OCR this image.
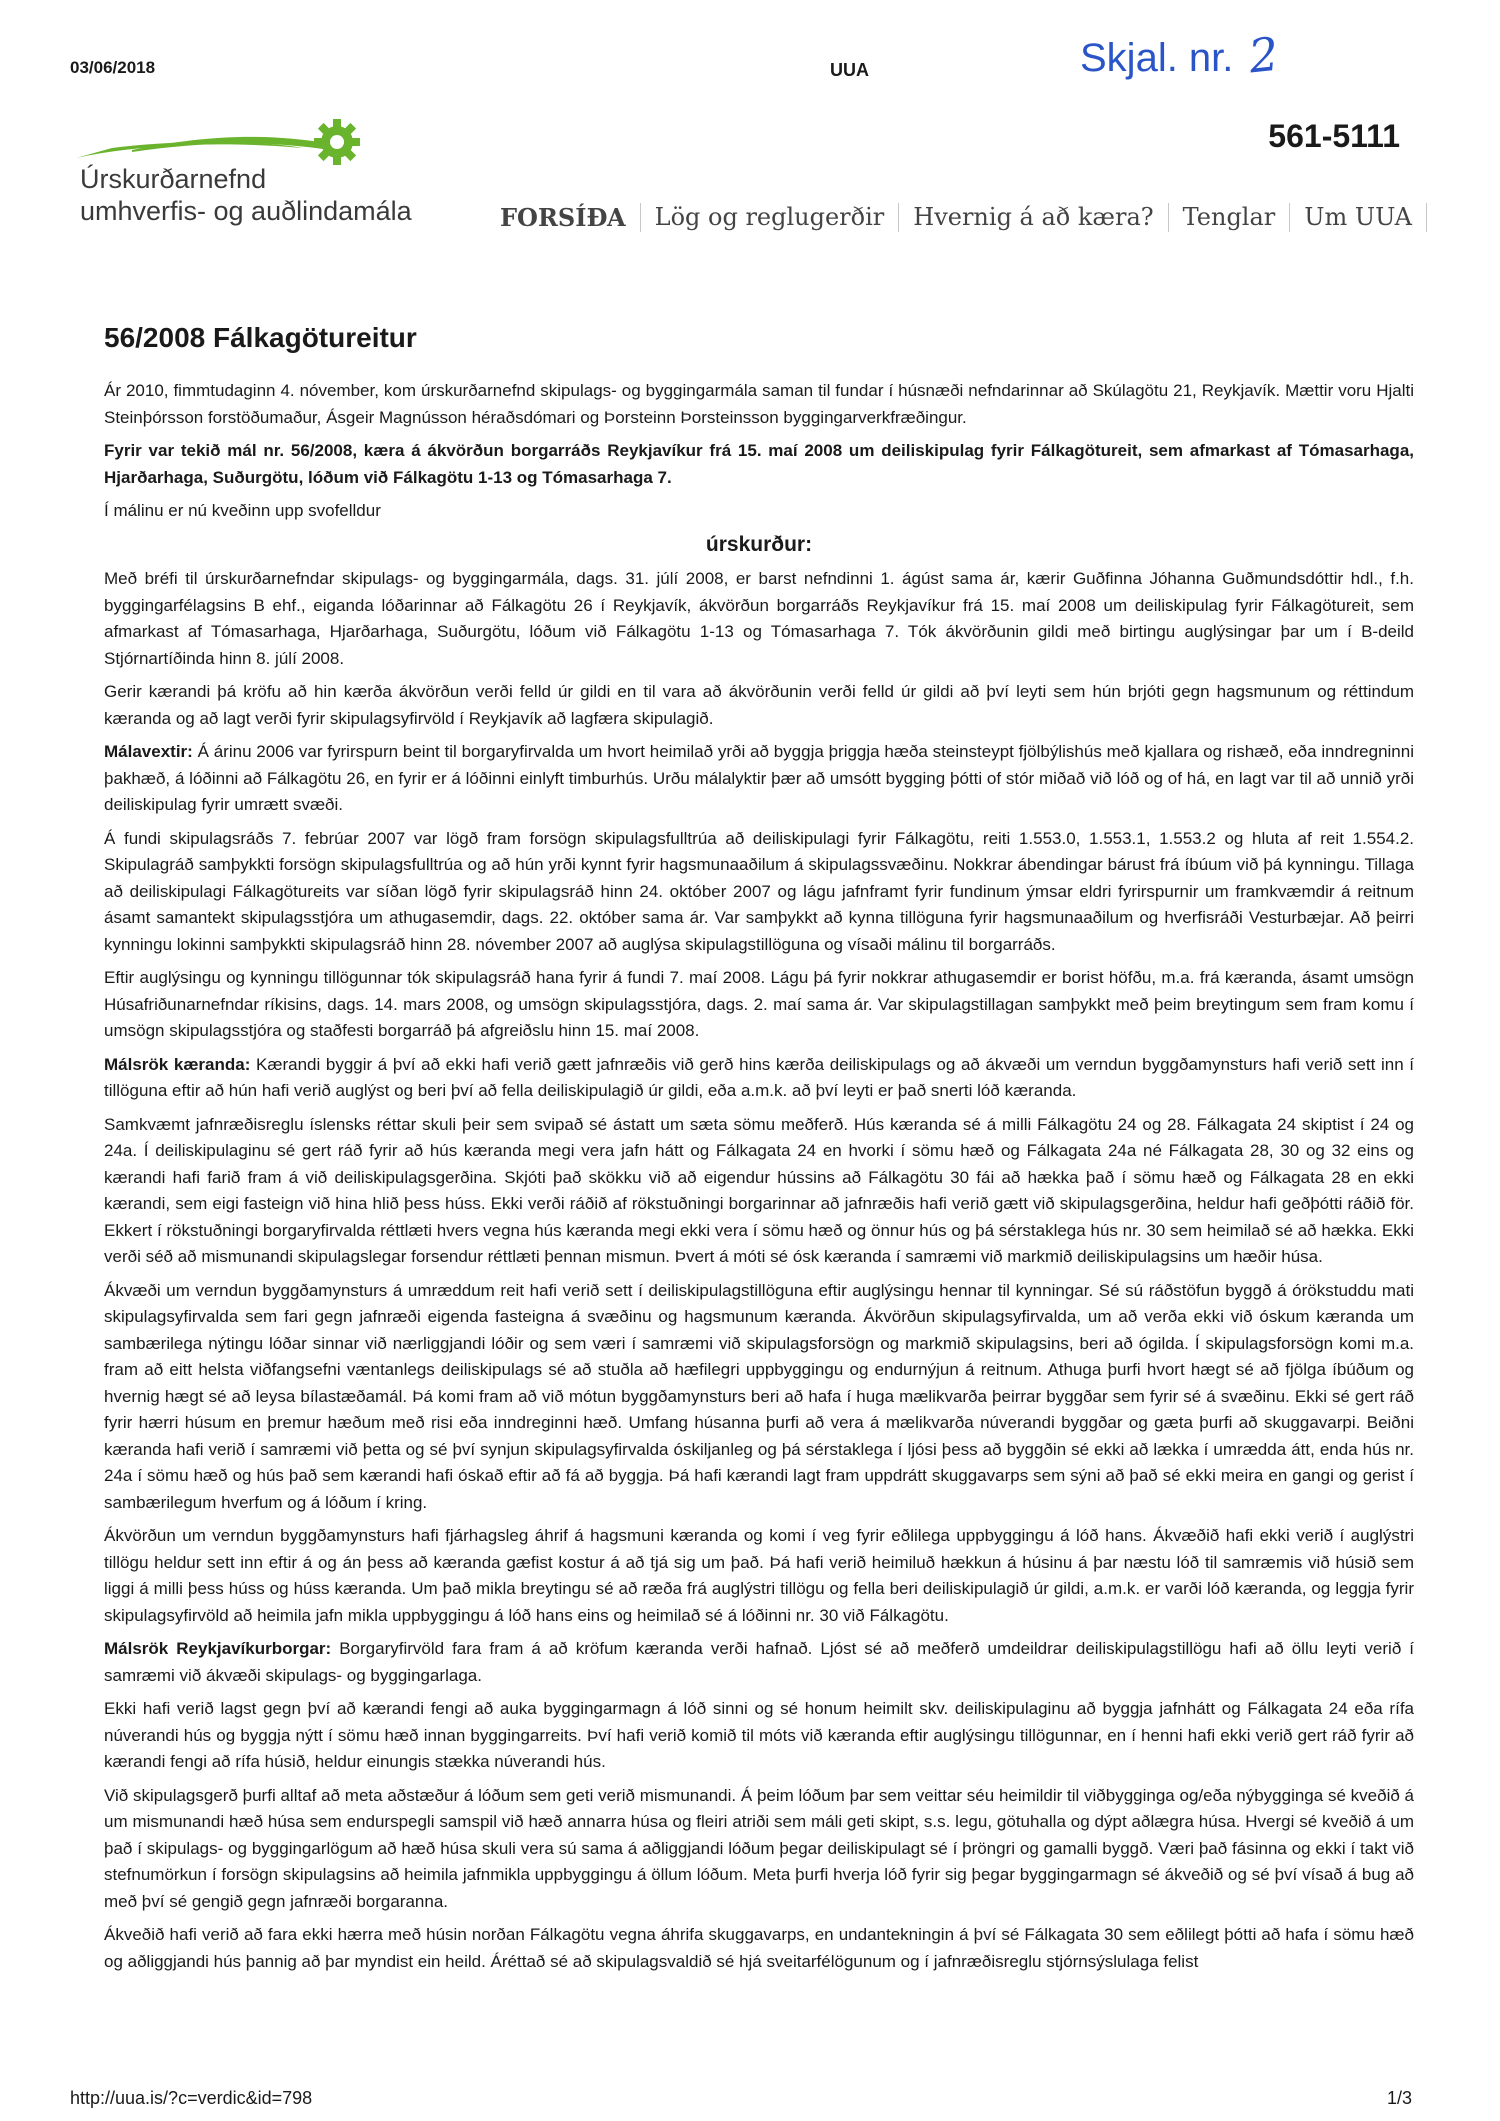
03/06/2018	UUA	Skjal. nr. 2
561-5111
Úrskurðarnefnd
umhverfis- og auðlindamála	FORSÍÐA	Lög og reglugerðir	Hvernig á að kæra?	Tenglar	Um UUA
56/2008 Fálkagötureitur

Ár 2010, fimmtudaginn 4. nóvember, kom úrskurðarnefnd skipulags- og byggingarmála saman til fundar í húsnæði nefndarinnar að Skúlagötu 21, Reykjavík. Mættir voru Hjalti Steinþórsson forstöðumaður, Ásgeir Magnússon héraðsdómari og Þorsteinn Þorsteinsson byggingarverkfræðingur.

Fyrir var tekið mál nr. 56/2008, kæra á ákvörðun borgarráðs Reykjavíkur frá 15. maí 2008 um deiliskipulag fyrir Fálkagötureit, sem afmarkast af Tómasarhaga, Hjarðarhaga, Suðurgötu, lóðum við Fálkagötu 1-13 og Tómasarhaga 7.

Í málinu er nú kveðinn upp svofelldur

úrskurður:

Með bréfi til úrskurðarnefndar skipulags- og byggingarmála, dags. 31. júlí 2008, er barst nefndinni 1. ágúst sama ár, kærir Guðfinna Jóhanna Guðmundsdóttir hdl., f.h. byggingarfélagsins B ehf., eiganda lóðarinnar að Fálkagötu 26 í Reykjavík, ákvörðun borgarráðs Reykjavíkur frá 15. maí 2008 um deiliskipulag fyrir Fálkagötureit, sem afmarkast af Tómasarhaga, Hjarðarhaga, Suðurgötu, lóðum við Fálkagötu 1-13 og Tómasarhaga 7. Tók ákvörðunin gildi með birtingu auglýsingar þar um í B-deild Stjórnartíðinda hinn 8. júlí 2008.

Gerir kærandi þá kröfu að hin kærða ákvörðun verði felld úr gildi en til vara að ákvörðunin verði felld úr gildi að því leyti sem hún brjóti gegn hagsmunum og réttindum kæranda og að lagt verði fyrir skipulagsyfirvöld í Reykjavík að lagfæra skipulagið.

Málavextir: Á árinu 2006 var fyrirspurn beint til borgaryfirvalda um hvort heimilað yrði að byggja þriggja hæða steinsteypt fjölbýlishús með kjallara og rishæð, eða inndregninni þakhæð, á lóðinni að Fálkagötu 26, en fyrir er á lóðinni einlyft timburhús. Urðu málalyktir þær að umsótt bygging þótti of stór miðað við lóð og of há, en lagt var til að unnið yrði deiliskipulag fyrir umrætt svæði.

Á fundi skipulagsráðs 7. febrúar 2007 var lögð fram forsögn skipulagsfulltrúa að deiliskipulagi fyrir Fálkagötu, reiti 1.553.0, 1.553.1, 1.553.2 og hluta af reit 1.554.2. Skipulagráð samþykkti forsögn skipulagsfulltrúa og að hún yrði kynnt fyrir hagsmunaaðilum á skipulagssvæðinu. Nokkrar ábendingar bárust frá íbúum við þá kynningu. Tillaga að deiliskipulagi Fálkagötureits var síðan lögð fyrir skipulagsráð hinn 24. október 2007 og lágu jafnframt fyrir fundinum ýmsar eldri fyrirspurnir um framkvæmdir á reitnum ásamt samantekt skipulagsstjóra um athugasemdir, dags. 22. október sama ár. Var samþykkt að kynna tillöguna fyrir hagsmunaaðilum og hverfisráði Vesturbæjar. Að þeirri kynningu lokinni samþykkti skipulagsráð hinn 28. nóvember 2007 að auglýsa skipulagstillöguna og vísaði málinu til borgarráðs.

Eftir auglýsingu og kynningu tillögunnar tók skipulagsráð hana fyrir á fundi 7. maí 2008. Lágu þá fyrir nokkrar athugasemdir er borist höfðu, m.a. frá kæranda, ásamt umsögn Húsafriðunarnefndar ríkisins, dags. 14. mars 2008, og umsögn skipulagsstjóra, dags. 2. maí sama ár. Var skipulagstillagan samþykkt með þeim breytingum sem fram komu í umsögn skipulagsstjóra og staðfesti borgarráð þá afgreiðslu hinn 15. maí 2008.

Málsrök kæranda: Kærandi byggir á því að ekki hafi verið gætt jafnræðis við gerð hins kærða deiliskipulags og að ákvæði um verndun byggðamynsturs hafi verið sett inn í tillöguna eftir að hún hafi verið auglýst og beri því að fella deiliskipulagið úr gildi, eða a.m.k. að því leyti er það snerti lóð kæranda.

Samkvæmt jafnræðisreglu íslensks réttar skuli þeir sem svipað sé ástatt um sæta sömu meðferð. Hús kæranda sé á milli Fálkagötu 24 og 28. Fálkagata 24 skiptist í 24 og 24a. Í deiliskipulaginu sé gert ráð fyrir að hús kæranda megi vera jafn hátt og Fálkagata 24 en hvorki í sömu hæð og Fálkagata 24a né Fálkagata 28, 30 og 32 eins og kærandi hafi farið fram á við deiliskipulagsgerðina. Skjóti það skökku við að eigendur hússins að Fálkagötu 30 fái að hækka það í sömu hæð og Fálkagata 28 en ekki kærandi, sem eigi fasteign við hina hlið þess húss. Ekki verði ráðið af rökstuðningi borgarinnar að jafnræðis hafi verið gætt við skipulagsgerðina, heldur hafi geðþótti ráðið för. Ekkert í rökstuðningi borgaryfirvalda réttlæti hvers vegna hús kæranda megi ekki vera í sömu hæð og önnur hús og þá sérstaklega hús nr. 30 sem heimilað sé að hækka. Ekki verði séð að mismunandi skipulagslegar forsendur réttlæti þennan mismun. Þvert á móti sé ósk kæranda í samræmi við markmið deiliskipulagsins um hæðir húsa.

Ákvæði um verndun byggðamynsturs á umræddum reit hafi verið sett í deiliskipulagstillöguna eftir auglýsingu hennar til kynningar. Sé sú ráðstöfun byggð á órökstuddu mati skipulagsyfirvalda sem fari gegn jafnræði eigenda fasteigna á svæðinu og hagsmunum kæranda. Ákvörðun skipulagsyfirvalda, um að verða ekki við óskum kæranda um sambærilega nýtingu lóðar sinnar við nærliggjandi lóðir og sem væri í samræmi við skipulagsforsögn og markmið skipulagsins, beri að ógilda. Í skipulagsforsögn komi m.a. fram að eitt helsta viðfangsefni væntanlegs deiliskipulags sé að stuðla að hæfilegri uppbyggingu og endurnýjun á reitnum. Athuga þurfi hvort hægt sé að fjölga íbúðum og hvernig hægt sé að leysa bílastæðamál. Þá komi fram að við mótun byggðamynsturs beri að hafa í huga mælikvarða þeirrar byggðar sem fyrir sé á svæðinu. Ekki sé gert ráð fyrir hærri húsum en þremur hæðum með risi eða inndreginni hæð. Umfang húsanna þurfi að vera á mælikvarða núverandi byggðar og gæta þurfi að skuggavarpi. Beiðni kæranda hafi verið í samræmi við þetta og sé því synjun skipulagsyfirvalda óskiljanleg og þá sérstaklega í ljósi þess að byggðin sé ekki að lækka í umrædda átt, enda hús nr. 24a í sömu hæð og hús það sem kærandi hafi óskað eftir að fá að byggja. Þá hafi kærandi lagt fram uppdrátt skuggavarps sem sýni að það sé ekki meira en gangi og gerist í sambærilegum hverfum og á lóðum í kring.

Ákvörðun um verndun byggðamynsturs hafi fjárhagsleg áhrif á hagsmuni kæranda og komi í veg fyrir eðlilega uppbyggingu á lóð hans. Ákvæðið hafi ekki verið í auglýstri tillögu heldur sett inn eftir á og án þess að kæranda gæfist kostur á að tjá sig um það. Þá hafi verið heimiluð hækkun á húsinu á þar næstu lóð til samræmis við húsið sem liggi á milli þess húss og húss kæranda. Um það mikla breytingu sé að ræða frá auglýstri tillögu og fella beri deiliskipulagið úr gildi, a.m.k. er varði lóð kæranda, og leggja fyrir skipulagsyfirvöld að heimila jafn mikla uppbyggingu á lóð hans eins og heimilað sé á lóðinni nr. 30 við Fálkagötu.

Málsrök Reykjavíkurborgar: Borgaryfirvöld fara fram á að kröfum kæranda verði hafnað. Ljóst sé að meðferð umdeildrar deiliskipulagstillögu hafi að öllu leyti verið í samræmi við ákvæði skipulags- og byggingarlaga.

Ekki hafi verið lagst gegn því að kærandi fengi að auka byggingarmagn á lóð sinni og sé honum heimilt skv. deiliskipulaginu að byggja jafnhátt og Fálkagata 24 eða rífa núverandi hús og byggja nýtt í sömu hæð innan byggingarreits. Því hafi verið komið til móts við kæranda eftir auglýsingu tillögunnar, en í henni hafi ekki verið gert ráð fyrir að kærandi fengi að rífa húsið, heldur einungis stækka núverandi hús.

Við skipulagsgerð þurfi alltaf að meta aðstæður á lóðum sem geti verið mismunandi. Á þeim lóðum þar sem veittar séu heimildir til viðbygginga og/eða nýbygginga sé kveðið á um mismunandi hæð húsa sem endurspegli samspil við hæð annarra húsa og fleiri atriði sem máli geti skipt, s.s. legu, götuhalla og dýpt aðlægra húsa. Hvergi sé kveðið á um það í skipulags- og byggingarlögum að hæð húsa skuli vera sú sama á aðliggjandi lóðum þegar deiliskipulagt sé í þröngri og gamalli byggð. Væri það fásinna og ekki í takt við stefnumörkun í forsögn skipulagsins að heimila jafnmikla uppbyggingu á öllum lóðum. Meta þurfi hverja lóð fyrir sig þegar byggingarmagn sé ákveðið og sé því vísað á bug að með því sé gengið gegn jafnræði borgaranna.

Ákveðið hafi verið að fara ekki hærra með húsin norðan Fálkagötu vegna áhrifa skuggavarps, en undantekningin á því sé Fálkagata 30 sem eðlilegt þótti að hafa í sömu hæð og aðliggjandi hús þannig að þar myndist ein heild. Áréttað sé að skipulagsvaldið sé hjá sveitarfélögunum og í jafnræðisreglu stjórnsýslulaga felist

http://uua.is/?c=verdic&id=798	1/3
